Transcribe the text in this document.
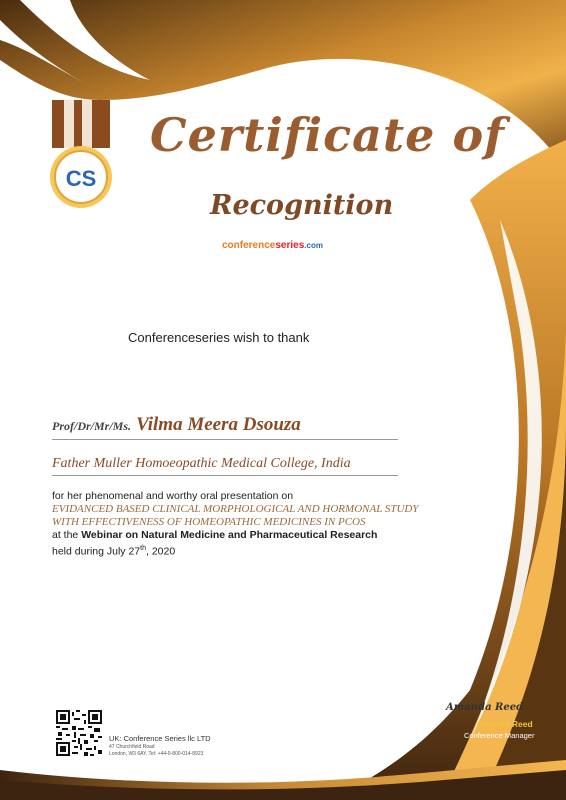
CS
Certificate of
Recognition
conferenceseries.com
Conferenceseries wish to thank
Prof/Dr/Mr/Ms. Vilma Meera Dsouza
Father Muller Homoeopathic Medical College, India
for her phenomenal and worthy oral presentation on
EVIDANCED BASED CLINICAL MORPHOLOGICAL AND HORMONAL STUDY WITH EFFECTIVENESS OF HOMEOPATHIC MEDICINES IN PCOS
at the Webinar on Natural Medicine and Pharmaceutical Research
held during July 27th, 2020
UK: Conference Series llc LTD
47 Churchfield Road
London, W3 6AY, Tel: +44-0-800-014-8923
Amanda Reed
Amanda Reed
Conference Manager
